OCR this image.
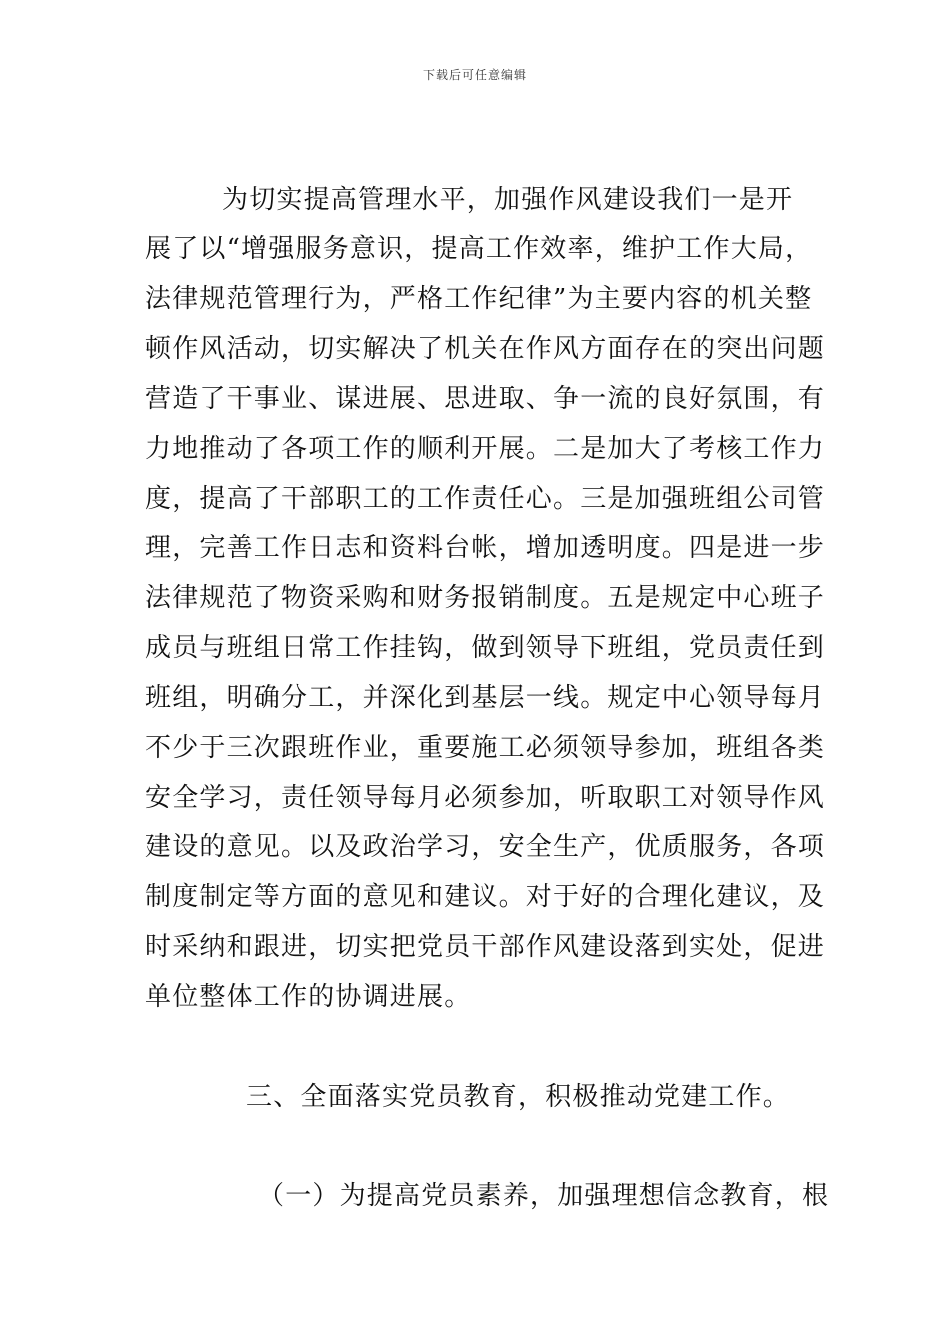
下载后可任意编辑
为切实提高管理水平，加强作风建设我们一是开
展了以“增强服务意识，提高工作效率，维护工作大局，
法律规范管理行为，严格工作纪律”为主要内容的机关整
顿作风活动，切实解决了机关在作风方面存在的突出问题
营造了干事业、谋进展、思进取、争一流的良好氛围，有
力地推动了各项工作的顺利开展。二是加大了考核工作力
度，提高了干部职工的工作责任心。三是加强班组公司管
理，完善工作日志和资料台帐，增加透明度。四是进一步
法律规范了物资采购和财务报销制度。五是规定中心班子
成员与班组日常工作挂钩，做到领导下班组，党员责任到
班组，明确分工，并深化到基层一线。规定中心领导每月
不少于三次跟班作业，重要施工必须领导参加，班组各类
安全学习，责任领导每月必须参加，听取职工对领导作风
建设的意见。以及政治学习，安全生产，优质服务，各项
制度制定等方面的意见和建议。对于好的合理化建议，及
时采纳和跟进，切实把党员干部作风建设落到实处，促进
单位整体工作的协调进展。
三、全面落实党员教育，积极推动党建工作。
（一）为提高党员素养，加强理想信念教育，根
